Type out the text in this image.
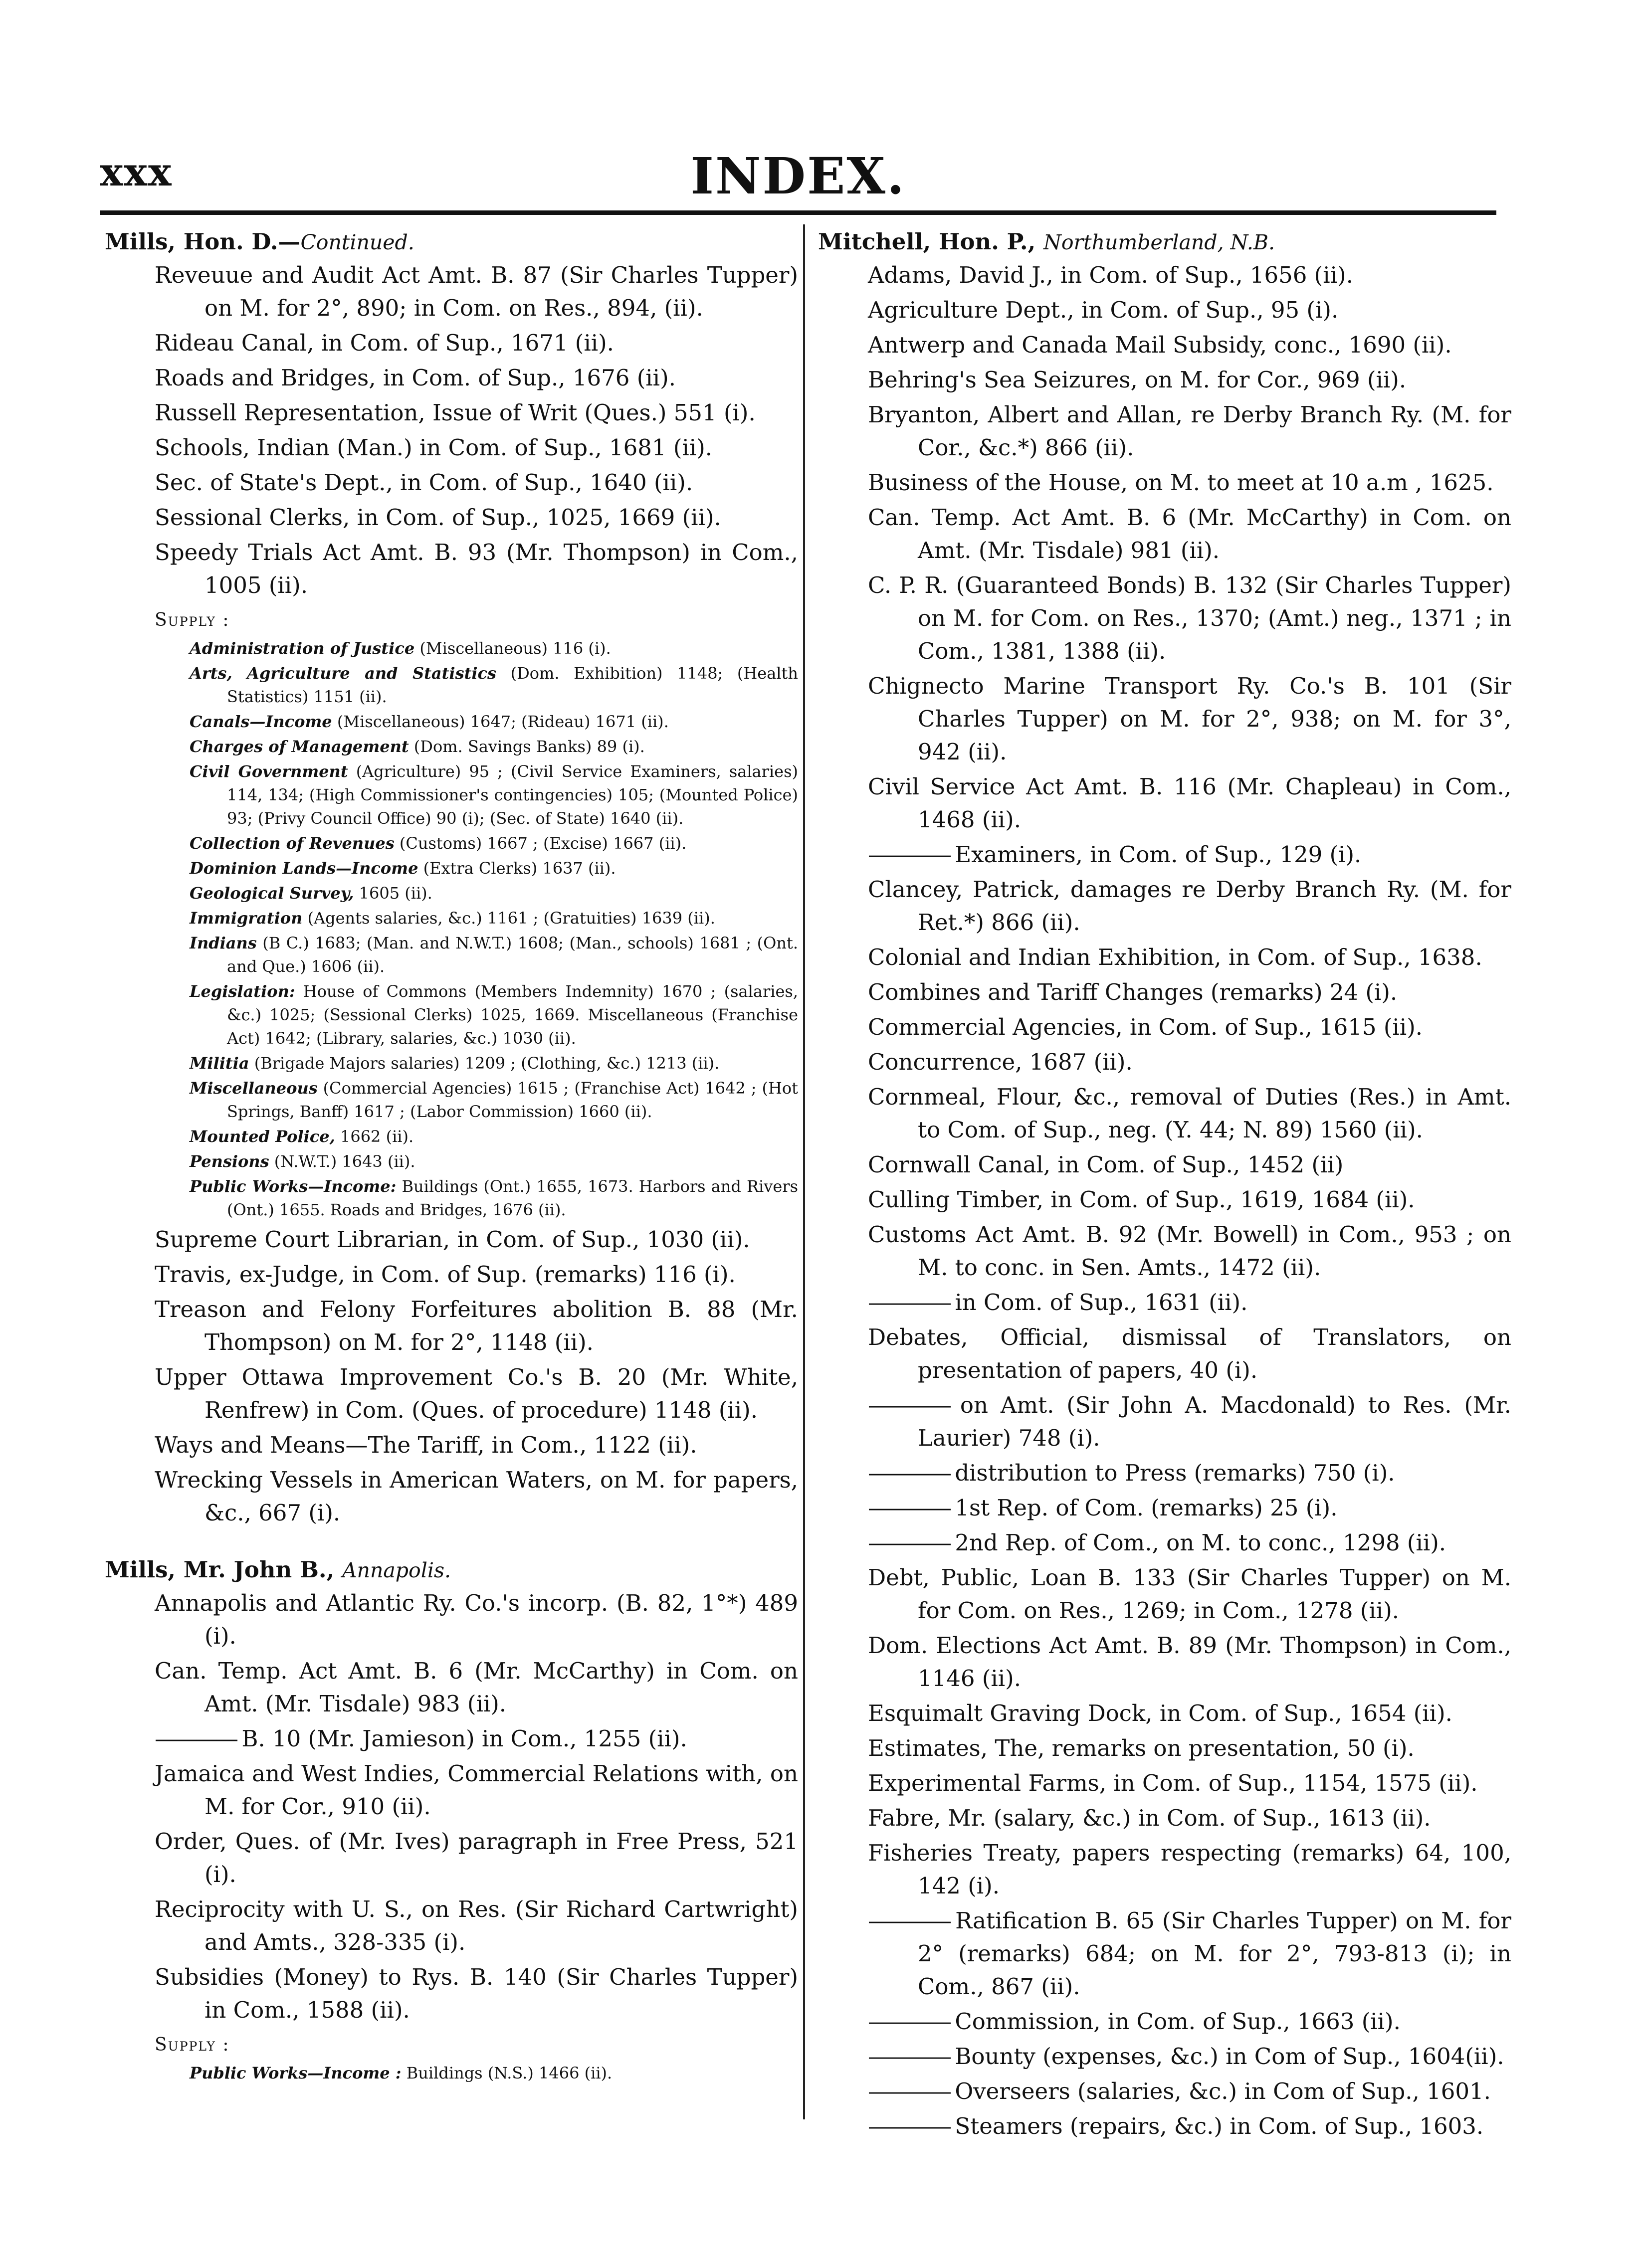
xxx	INDEX.

Mills, Hon. D.—Continued.

Reveuue and Audit Act Amt. B. 87 (Sir Charles Tupper) on M. for 2°, 890; in Com. on Res., 894, (ii).

Rideau Canal, in Com. of Sup., 1671 (ii).

Roads and Bridges, in Com. of Sup., 1676 (ii).

Russell Representation, Issue of Writ (Ques.) 551 (i).

Schools, Indian (Man.) in Com. of Sup., 1681 (ii).

Sec. of State's Dept., in Com. of Sup., 1640 (ii).

Sessional Clerks, in Com. of Sup., 1025, 1669 (ii).

Speedy Trials Act Amt. B. 93 (Mr. Thompson) in Com., 1005 (ii).

Supply :

Administration of Justice (Miscellaneous) 116 (i).

Arts, Agriculture and Statistics (Dom. Exhibition) 1148; (Health Statistics) 1151 (ii).

Canals—Income (Miscellaneous) 1647; (Rideau) 1671 (ii).

Charges of Management (Dom. Savings Banks) 89 (i).

Civil Government (Agriculture) 95 ; (Civil Service Examiners, salaries) 114, 134; (High Commissioner's contingencies) 105; (Mounted Police) 93; (Privy Council Office) 90 (i); (Sec. of State) 1640 (ii).

Collection of Revenues (Customs) 1667 ; (Excise) 1667 (ii).

Dominion Lands—Income (Extra Clerks) 1637 (ii).

Geological Survey, 1605 (ii).

Immigration (Agents salaries, &c.) 1161 ; (Gratuities) 1639 (ii).

Indians (B C.) 1683; (Man. and N.W.T.) 1608; (Man., schools) 1681 ; (Ont. and Que.) 1606 (ii).

Legislation: House of Commons (Members Indemnity) 1670 ; (salaries, &c.) 1025; (Sessional Clerks) 1025, 1669. Miscellaneous (Franchise Act) 1642; (Library, salaries, &c.) 1030 (ii).

Militia (Brigade Majors salaries) 1209 ; (Clothing, &c.) 1213 (ii).

Miscellaneous (Commercial Agencies) 1615 ; (Franchise Act) 1642 ; (Hot Springs, Banff) 1617 ; (Labor Commission) 1660 (ii).

Mounted Police, 1662 (ii).

Pensions (N.W.T.) 1643 (ii).

Public Works—Income: Buildings (Ont.) 1655, 1673. Harbors and Rivers (Ont.) 1655. Roads and Bridges, 1676 (ii).

Supreme Court Librarian, in Com. of Sup., 1030 (ii).

Travis, ex-Judge, in Com. of Sup. (remarks) 116 (i).

Treason and Felony Forfeitures abolition B. 88 (Mr. Thompson) on M. for 2°, 1148 (ii).

Upper Ottawa Improvement Co.'s B. 20 (Mr. White, Renfrew) in Com. (Ques. of procedure) 1148 (ii).

Ways and Means—The Tariff, in Com., 1122 (ii).

Wrecking Vessels in American Waters, on M. for papers, &c., 667 (i).

Mills, Mr. John B., Annapolis.

Annapolis and Atlantic Ry. Co.'s incorp. (B. 82, 1°*) 489 (i).

Can. Temp. Act Amt. B. 6 (Mr. McCarthy) in Com. on Amt. (Mr. Tisdale) 983 (ii).

———— B. 10 (Mr. Jamieson) in Com., 1255 (ii).

Jamaica and West Indies, Commercial Relations with, on M. for Cor., 910 (ii).

Order, Ques. of (Mr. Ives) paragraph in Free Press, 521 (i).

Reciprocity with U. S., on Res. (Sir Richard Cartwright) and Amts., 328-335 (i).

Subsidies (Money) to Rys. B. 140 (Sir Charles Tupper) in Com., 1588 (ii).

Supply :

Public Works—Income : Buildings (N.S.) 1466 (ii).

Mitchell, Hon. P., Northumberland, N.B.

Adams, David J., in Com. of Sup., 1656 (ii).

Agriculture Dept., in Com. of Sup., 95 (i).

Antwerp and Canada Mail Subsidy, conc., 1690 (ii).

Behring's Sea Seizures, on M. for Cor., 969 (ii).

Bryanton, Albert and Allan, re Derby Branch Ry. (M. for Cor., &c.*) 866 (ii).

Business of the House, on M. to meet at 10 a.m , 1625.

Can. Temp. Act Amt. B. 6 (Mr. McCarthy) in Com. on Amt. (Mr. Tisdale) 981 (ii).

C. P. R. (Guaranteed Bonds) B. 132 (Sir Charles Tupper) on M. for Com. on Res., 1370; (Amt.) neg., 1371 ; in Com., 1381, 1388 (ii).

Chignecto Marine Transport Ry. Co.'s B. 101 (Sir Charles Tupper) on M. for 2°, 938; on M. for 3°, 942 (ii).

Civil Service Act Amt. B. 116 (Mr. Chapleau) in Com., 1468 (ii).

———— Examiners, in Com. of Sup., 129 (i).

Clancey, Patrick, damages re Derby Branch Ry. (M. for Ret.*) 866 (ii).

Colonial and Indian Exhibition, in Com. of Sup., 1638.

Combines and Tariff Changes (remarks) 24 (i).

Commercial Agencies, in Com. of Sup., 1615 (ii).

Concurrence, 1687 (ii).

Cornmeal, Flour, &c., removal of Duties (Res.) in Amt. to Com. of Sup., neg. (Y. 44; N. 89) 1560 (ii).

Cornwall Canal, in Com. of Sup., 1452 (ii)

Culling Timber, in Com. of Sup., 1619, 1684 (ii).

Customs Act Amt. B. 92 (Mr. Bowell) in Com., 953 ; on M. to conc. in Sen. Amts., 1472 (ii).

———— in Com. of Sup., 1631 (ii).

Debates, Official, dismissal of Translators, on presentation of papers, 40 (i).

———— on Amt. (Sir John A. Macdonald) to Res. (Mr. Laurier) 748 (i).

———— distribution to Press (remarks) 750 (i).

———— 1st Rep. of Com. (remarks) 25 (i).

———— 2nd Rep. of Com., on M. to conc., 1298 (ii).

Debt, Public, Loan B. 133 (Sir Charles Tupper) on M. for Com. on Res., 1269; in Com., 1278 (ii).

Dom. Elections Act Amt. B. 89 (Mr. Thompson) in Com., 1146 (ii).

Esquimalt Graving Dock, in Com. of Sup., 1654 (ii).

Estimates, The, remarks on presentation, 50 (i).

Experimental Farms, in Com. of Sup., 1154, 1575 (ii).

Fabre, Mr. (salary, &c.) in Com. of Sup., 1613 (ii).

Fisheries Treaty, papers respecting (remarks) 64, 100, 142 (i).

———— Ratification B. 65 (Sir Charles Tupper) on M. for 2° (remarks) 684; on M. for 2°, 793-813 (i); in Com., 867 (ii).

———— Commission, in Com. of Sup., 1663 (ii).

———— Bounty (expenses, &c.) in Com of Sup., 1604(ii).

———— Overseers (salaries, &c.) in Com of Sup., 1601.

———— Steamers (repairs, &c.) in Com. of Sup., 1603.
